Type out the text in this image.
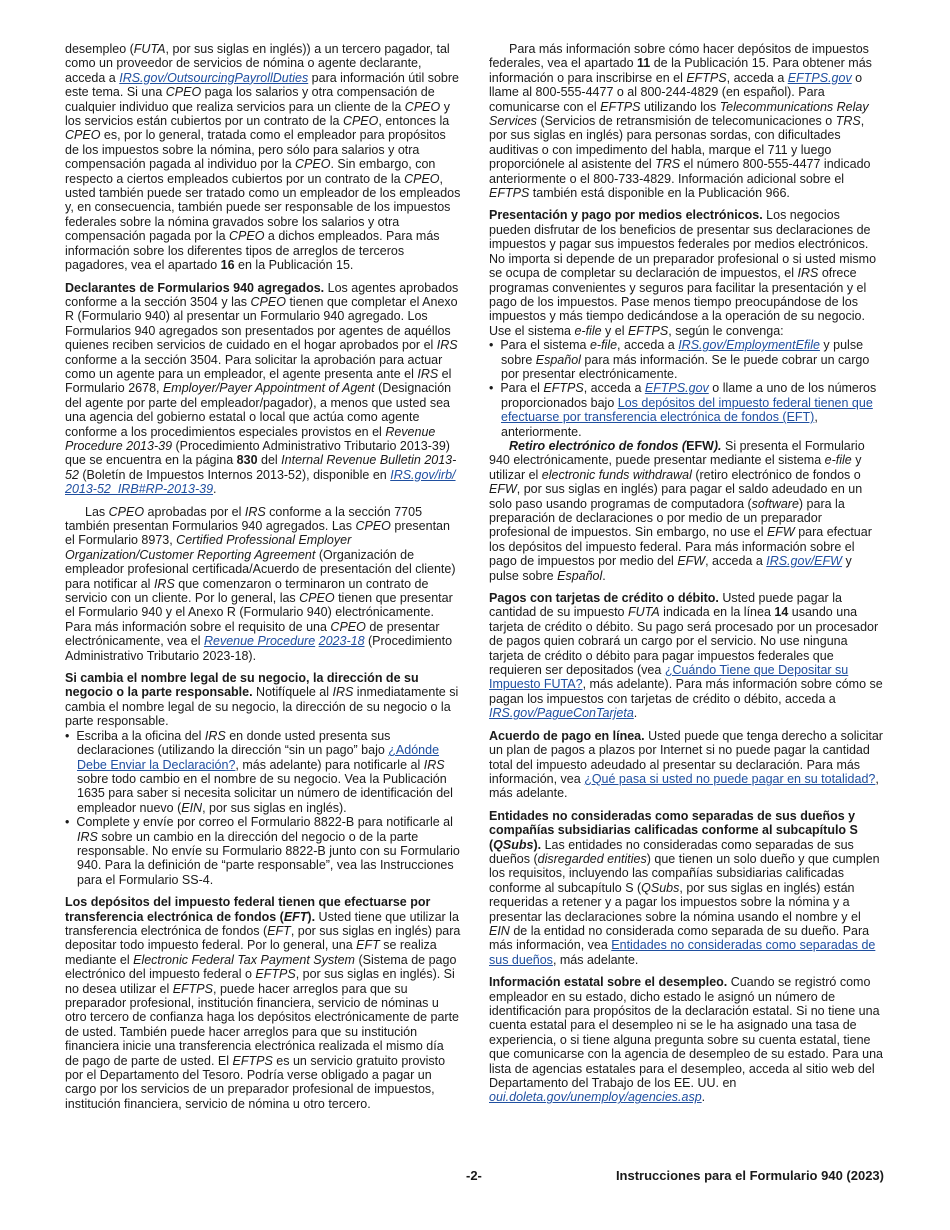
desempleo (FUTA, por sus siglas en inglés)) a un tercero pagador, tal como un proveedor de servicios de nómina o agente declarante, acceda a IRS.gov/OutsourcingPayrollDuties para información útil sobre este tema. Si una CPEO paga los salarios y otra compensación de cualquier individuo que realiza servicios para un cliente de la CPEO y los servicios están cubiertos por un contrato de la CPEO, entonces la CPEO es, por lo general, tratada como el empleador para propósitos de los impuestos sobre la nómina, pero sólo para salarios y otra compensación pagada al individuo por la CPEO. Sin embargo, con respecto a ciertos empleados cubiertos por un contrato de la CPEO, usted también puede ser tratado como un empleador de los empleados y, en consecuencia, también puede ser responsable de los impuestos federales sobre la nómina gravados sobre los salarios y otra compensación pagada por la CPEO a dichos empleados. Para más información sobre los diferentes tipos de arreglos de terceros pagadores, vea el apartado 16 en la Publicación 15.

Declarantes de Formularios 940 agregados. Los agentes aprobados conforme a la sección 3504 y las CPEO tienen que completar el Anexo R (Formulario 940) al presentar un Formulario 940 agregado. Los Formularios 940 agregados son presentados por agentes de aquéllos quienes reciben servicios de cuidado en el hogar aprobados por el IRS conforme a la sección 3504. Para solicitar la aprobación para actuar como un agente para un empleador, el agente presenta ante el IRS el Formulario 2678, Employer/Payer Appointment of Agent (Designación del agente por parte del empleador/pagador), a menos que usted sea una agencia del gobierno estatal o local que actúa como agente conforme a los procedimientos especiales provistos en el Revenue Procedure 2013-39 (Procedimiento Administrativo Tributario 2013-39) que se encuentra en la página 830 del Internal Revenue Bulletin 2013-52 (Boletín de Impuestos Internos 2013-52), disponible en IRS.gov/irb/ 2013-52_IRB#RP-2013-39.

Las CPEO aprobadas por el IRS conforme a la sección 7705 también presentan Formularios 940 agregados. Las CPEO presentan el Formulario 8973, Certified Professional Employer Organization/Customer Reporting Agreement (Organización de empleador profesional certificada/Acuerdo de presentación del cliente) para notificar al IRS que comenzaron o terminaron un contrato de servicio con un cliente. Por lo general, las CPEO tienen que presentar el Formulario 940 y el Anexo R (Formulario 940) electrónicamente. Para más información sobre el requisito de una CPEO de presentar electrónicamente, vea el Revenue Procedure 2023-18 (Procedimiento Administrativo Tributario 2023-18).

Si cambia el nombre legal de su negocio, la dirección de su negocio o la parte responsable. Notifíquele al IRS inmediatamente si cambia el nombre legal de su negocio, la dirección de su negocio o la parte responsable.

•  Escriba a la oficina del IRS en donde usted presenta sus declaraciones (utilizando la dirección “sin un pago” bajo ¿Adónde Debe Enviar la Declaración?, más adelante) para notificarle al IRS sobre todo cambio en el nombre de su negocio. Vea la Publicación 1635 para saber si necesita solicitar un número de identificación del empleador nuevo (EIN, por sus siglas en inglés).

•  Complete y envíe por correo el Formulario 8822-B para notificarle al IRS sobre un cambio en la dirección del negocio o de la parte responsable. No envíe su Formulario 8822-B junto con su Formulario 940. Para la definición de “parte responsable”, vea las Instrucciones para el Formulario SS-4.

Los depósitos del impuesto federal tienen que efectuarse por transferencia electrónica de fondos (EFT). Usted tiene que utilizar la transferencia electrónica de fondos (EFT, por sus siglas en inglés) para depositar todo impuesto federal. Por lo general, una EFT se realiza mediante el Electronic Federal Tax Payment System (Sistema de pago electrónico del impuesto federal o EFTPS, por sus siglas en inglés). Si no desea utilizar el EFTPS, puede hacer arreglos para que su preparador profesional, institución financiera, servicio de nóminas u otro tercero de confianza haga los depósitos electrónicamente de parte de usted. También puede hacer arreglos para que su institución financiera inicie una transferencia electrónica realizada el mismo día de pago de parte de usted. El EFTPS es un servicio gratuito provisto por el Departamento del Tesoro. Podría verse obligado a pagar un cargo por los servicios de un preparador profesional de impuestos, institución financiera, servicio de nómina u otro tercero.

Para más información sobre cómo hacer depósitos de impuestos federales, vea el apartado 11 de la Publicación 15. Para obtener más información o para inscribirse en el EFTPS, acceda a EFTPS.gov o llame al 800-555-4477 o al 800-244-4829 (en español). Para comunicarse con el EFTPS utilizando los Telecommunications Relay Services (Servicios de retransmisión de telecomunicaciones o TRS, por sus siglas en inglés) para personas sordas, con dificultades auditivas o con impedimento del habla, marque el 711 y luego proporciónele al asistente del TRS el número 800-555-4477 indicado anteriormente o el 800-733-4829. Información adicional sobre el EFTPS también está disponible en la Publicación 966.

Presentación y pago por medios electrónicos. Los negocios pueden disfrutar de los beneficios de presentar sus declaraciones de impuestos y pagar sus impuestos federales por medios electrónicos. No importa si depende de un preparador profesional o si usted mismo se ocupa de completar su declaración de impuestos, el IRS ofrece programas convenientes y seguros para facilitar la presentación y el pago de los impuestos. Pase menos tiempo preocupándose de los impuestos y más tiempo dedicándose a la operación de su negocio. Use el sistema e-file y el EFTPS, según le convenga:

•  Para el sistema e-file, acceda a IRS.gov/EmploymentEfile y pulse sobre Español para más información. Se le puede cobrar un cargo por presentar electrónicamente.

•  Para el EFTPS, acceda a EFTPS.gov o llame a uno de los números proporcionados bajo Los depósitos del impuesto federal tienen que efectuarse por transferencia electrónica de fondos (EFT), anteriormente.

Retiro electrónico de fondos (EFW). Si presenta el Formulario 940 electrónicamente, puede presentar mediante el sistema e-file y utilizar el electronic funds withdrawal (retiro electrónico de fondos o EFW, por sus siglas en inglés) para pagar el saldo adeudado en un solo paso usando programas de computadora (software) para la preparación de declaraciones o por medio de un preparador profesional de impuestos. Sin embargo, no use el EFW para efectuar los depósitos del impuesto federal. Para más información sobre el pago de impuestos por medio del EFW, acceda a IRS.gov/EFW y pulse sobre Español.

Pagos con tarjetas de crédito o débito. Usted puede pagar la cantidad de su impuesto FUTA indicada en la línea 14 usando una tarjeta de crédito o débito. Su pago será procesado por un procesador de pagos quien cobrará un cargo por el servicio. No use ninguna tarjeta de crédito o débito para pagar impuestos federales que requieren ser depositados (vea ¿Cuándo Tiene que Depositar su Impuesto FUTA?, más adelante). Para más información sobre cómo se pagan los impuestos con tarjetas de crédito o débito, acceda a IRS.gov/PagueConTarjeta.

Acuerdo de pago en línea. Usted puede que tenga derecho a solicitar un plan de pagos a plazos por Internet si no puede pagar la cantidad total del impuesto adeudado al presentar su declaración. Para más información, vea ¿Qué pasa si usted no puede pagar en su totalidad?, más adelante.

Entidades no consideradas como separadas de sus dueños y compañías subsidiarias calificadas conforme al subcapítulo S (QSubs). Las entidades no consideradas como separadas de sus dueños (disregarded entities) que tienen un solo dueño y que cumplen los requisitos, incluyendo las compañías subsidiarias calificadas conforme al subcapítulo S (QSubs, por sus siglas en inglés) están requeridas a retener y a pagar los impuestos sobre la nómina y a presentar las declaraciones sobre la nómina usando el nombre y el EIN de la entidad no considerada como separada de su dueño. Para más información, vea Entidades no consideradas como separadas de sus dueños, más adelante.

Información estatal sobre el desempleo. Cuando se registró como empleador en su estado, dicho estado le asignó un número de identificación para propósitos de la declaración estatal. Si no tiene una cuenta estatal para el desempleo ni se le ha asignado una tasa de experiencia, o si tiene alguna pregunta sobre su cuenta estatal, tiene que comunicarse con la agencia de desempleo de su estado. Para una lista de agencias estatales para el desempleo, acceda al sitio web del Departamento del Trabajo de los EE. UU. en oui.doleta.gov/unemploy/agencies.asp.

-2-	Instrucciones para el Formulario 940 (2023)
